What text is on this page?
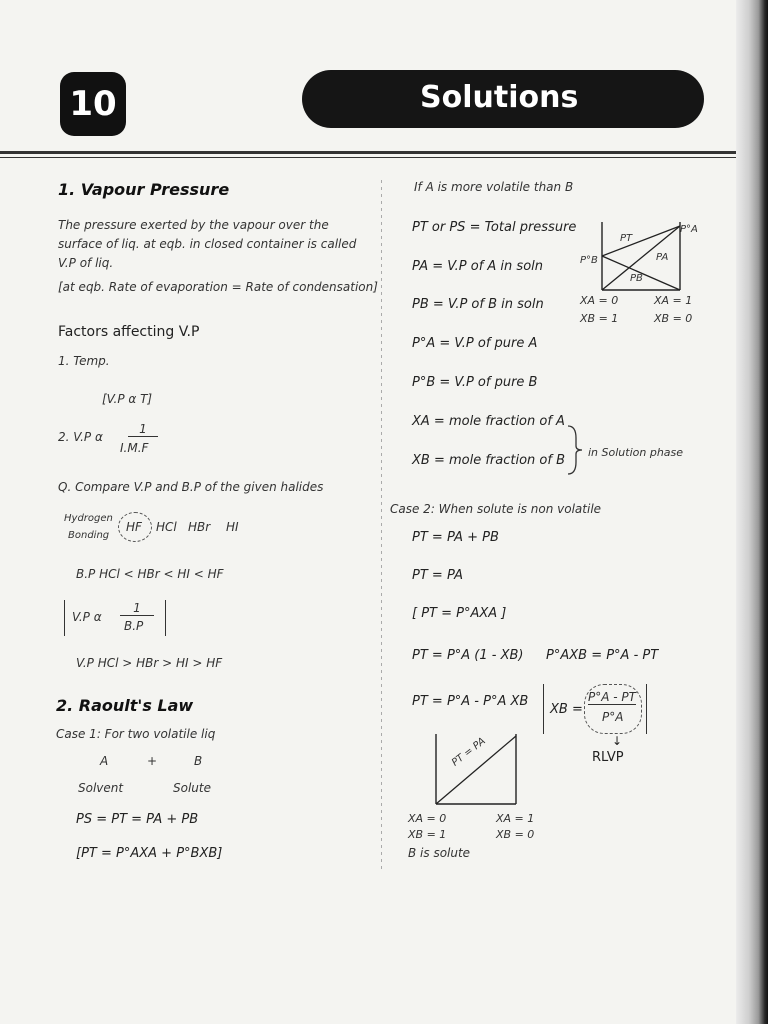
10	Solutions
1. Vapour Pressure
The pressure exerted by the vapour over the
surface of liq. at eqb. in closed container is called
V.P of liq.
[at eqb. Rate of evaporation = Rate of condensation]
Factors affecting V.P
1. Temp.
[V.P α T]
2. V.P α
1
I.M.F
Q. Compare V.P and B.P of the given halides
Hydrogen
Bonding
HF HCl HBr HI
B.P HCl < HBr < HI < HF
V.P α
1
B.P
V.P HCl > HBr > HI > HF
2. Raoult's Law
Case 1: For two volatile liq
A	+	B
Solvent	Solute
PS = PT = PA + PB
[PT = P°AXA + P°BXB]
If A is more volatile than B
PT or PS = Total pressure
PA = V.P of A in soln
PB = V.P of B in soln
P°A = V.P of pure A
P°B = V.P of pure B
XA = mole fraction of A
XB = mole fraction of B
in Solution phase
PT
P°A
P°B	PA
PB
XA = 0
XB = 1
XA = 1
XB = 0
Case 2: When solute is non volatile
PT = PA + PB
PT = PA
[ PT = P°AXA ]
PT = P°A (1 - XB) P°AXB = P°A - PT
PT = P°A - P°A XB
XB =
P°A - PT
P°A
↓
RLVP
PT = PA
XA = 0
XB = 1
XA = 1
XB = 0
B is solute
